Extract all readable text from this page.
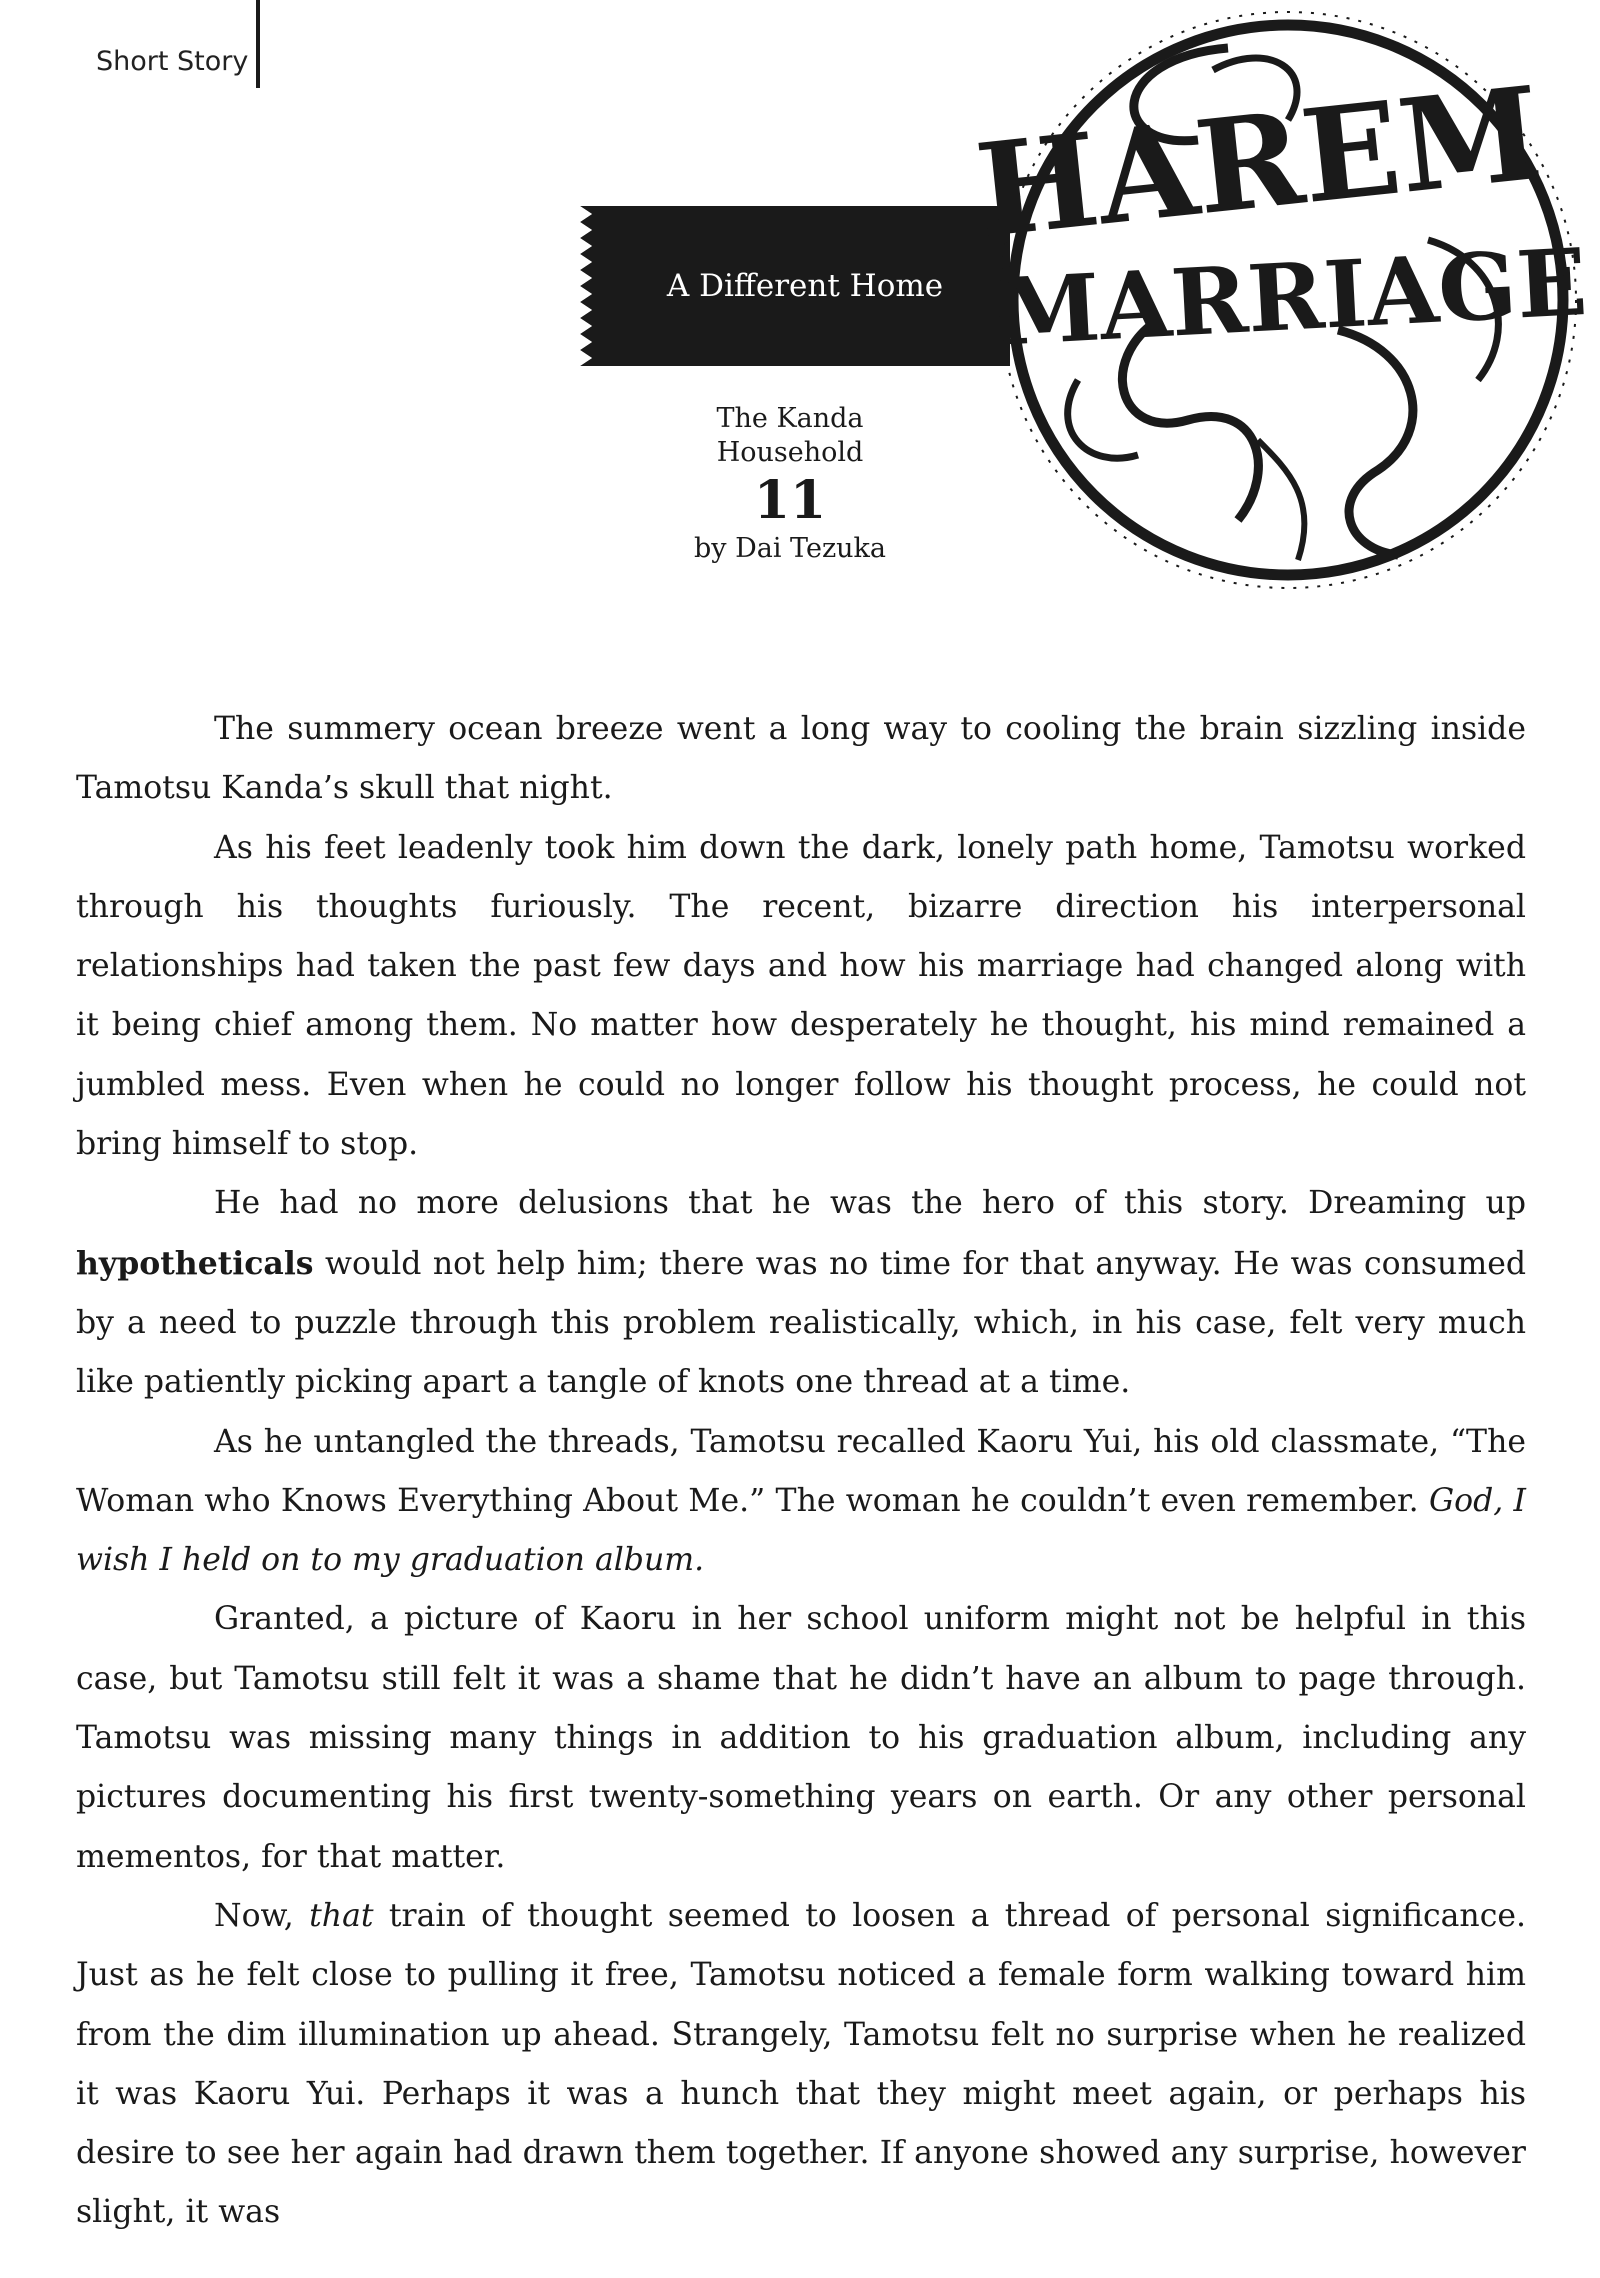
Short Story
A Different Home
The Kanda
Household
11
by Dai Tezuka
HAREM
MARRIAGE

The summery ocean breeze went a long way to cooling the brain sizzling inside Tamotsu Kanda’s skull that night.

As his feet leadenly took him down the dark, lonely path home, Tamotsu worked through his thoughts furiously. The recent, bizarre direction his interpersonal relationships had taken the past few days and how his marriage had changed along with it being chief among them. No matter how desperately he thought, his mind remained a jumbled mess. Even when he could no longer follow his thought process, he could not bring himself to stop.

He had no more delusions that he was the hero of this story. Dreaming up hypotheticals would not help him; there was no time for that anyway. He was consumed by a need to puzzle through this problem realistically, which, in his case, felt very much like patiently picking apart a tangle of knots one thread at a time.

As he untangled the threads, Tamotsu recalled Kaoru Yui, his old classmate, “The Woman who Knows Everything About Me.” The woman he couldn’t even remember. God, I wish I held on to my graduation album.

Granted, a picture of Kaoru in her school uniform might not be helpful in this case, but Tamotsu still felt it was a shame that he didn’t have an album to page through. Tamotsu was missing many things in addition to his graduation album, including any pictures documenting his first twenty-something years on earth. Or any other personal mementos, for that matter.

Now, that train of thought seemed to loosen a thread of personal significance. Just as he felt close to pulling it free, Tamotsu noticed a female form walking toward him from the dim illumination up ahead. Strangely, Tamotsu felt no surprise when he realized it was Kaoru Yui. Perhaps it was a hunch that they might meet again, or perhaps his desire to see her again had drawn them together. If anyone showed any surprise, however slight, it was
